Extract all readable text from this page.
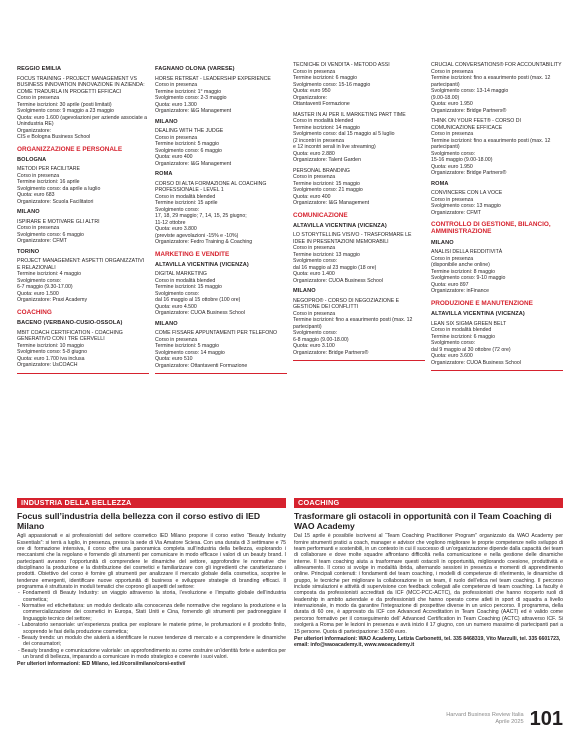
REGGIO EMILIA
FOCUS TRAINING - PROJECT MANAGEMENT VS BUSINESS INNOVATION INNOVAZIONE IN AZIENDA: COME TRADURLA IN PROGETTI EFFICACI
Corso in presenza
Termine iscrizioni: 30 aprile (posti limitati)
Svolgimento corso: 9 maggio a 23 maggio
Quota: euro 1.600 (agevolazioni per aziende associate a Unindustria RE)
Organizzatore:
CIS e Bologna Business School
ORGANIZZAZIONE E PERSONALE
BOLOGNA
METODI PER FACILITARE
Corso in presenza
Termine iscrizioni: 16 aprile
Svolgimento corso: da aprile a luglio
Quota: euro 683
Organizzatore: Scuola Facilitatori
MILANO
ISPIRARE E MOTIVARE GLI ALTRI
Corso in presenza
Svolgimento corso: 6 maggio
Organizzatore: CFMT
TORINO
PROJECT MANAGEMENT: ASPETTI ORGANIZZATIVI E RELAZIONALI
Termine iscrizioni: 4 maggio
Svolgimento corso:
6-7 maggio (9.30-17.00)
Quota: euro 1.500
Organizzatore: Praxi Academy
COACHING
BACENO (VERBANO-CUSIO-OSSOLA)
MBIT COACH CERTIFICATION - COACHING GENERATIVO CON I TRE CERVELLI
Termine iscrizioni: 10 maggio
Svolgimento corso: 5-8 giugno
Quota: euro 1.700 iva inclusa
Organizzatore: UsCOACH
FAGNANO OLONA (VARESE)
HORSE RETREAT - LEADERSHIP EXPERIENCE
Corso in presenza
Termine iscrizioni: 1° maggio
Svolgimento corso: 2-3 maggio
Quota: euro 1.300
Organizzatore: I&G Management
MILANO
DEALING WITH THE JUDGE
Corso in presenza
Termine iscrizioni: 5 maggio
Svolgimento corso: 6 maggio
Quota: euro 400
Organizzatore: I&G Management
ROMA
CORSO DI ALTA FORMAZIONE AL COACHING PROFESSIONALE - LEVEL 1
Corso in modalità blended
Termine iscrizioni: 15 aprile
Svolgimento corso:
17, 18, 29 maggio; 7, 14, 15, 25 giugno;
11-12 ottobre
Quota: euro 3.800
(previste agevolazioni -15% e -10%)
Organizzatore: Fedro Training & Coaching
MARKETING E VENDITE
ALTAVILLA VICENTINA (VICENZA)
DIGITAL MARKETING
Corso in modalità blended
Termine iscrizioni: 15 maggio
Svolgimento corso:
dal 16 maggio al 15 ottobre (100 ore)
Quota: euro 4.500
Organizzatore: CUOA Business School
MILANO
COME FISSARE APPUNTAMENTI PER TELEFONO
Corso in presenza
Termine iscrizioni: 5 maggio
Svolgimento corso: 14 maggio
Quota: euro 510
Organizzatore: Ottantaventi Formazione
TECNICHE DI VENDITA - METODO ASSI
Corso in presenza
Termine iscrizioni: 6 maggio
Svolgimento corso: 15-16 maggio
Quota: euro 950
Organizzatore:
Ottantaventi Formazione
MASTER IN AI PER IL MARKETING PART TIME
Corso in modalità blended
Termine iscrizioni: 14 maggio
Svolgimento corso: dal 15 maggio al 5 luglio
(2 incontri in presenza
e 12 incontri serali in live streaming)
Quota: euro 2.880
Organizzatore: Talent Garden
PERSONAL BRANDING
Corso in presenza
Termine iscrizioni: 15 maggio
Svolgimento corso: 21 maggio
Quota: euro 400
Organizzatore: I&G Management
COMUNICAZIONE
ALTAVILLA VICENTINA (VICENZA)
LO STORYTELLING VISIVO - TRASFORMARE LE IDEE IN PRESENTAZIONI MEMORABILI
Corso in presenza
Termine iscrizioni: 13 maggio
Svolgimento corso:
dal 16 maggio al 23 maggio (18 ore)
Quota: euro 1.400
Organizzatore: CUOA Business School
MILANO
NEGOPRO® - CORSO DI NEGOZIAZIONE E GESTIONE DEI CONFLITTI
Corso in presenza
Termine iscrizioni: fino a esaurimento posti (max. 12 partecipanti)
Svolgimento corso:
6-8 maggio (9.00-18.00)
Quota: euro 3.100
Organizzatore: Bridge Partners®
CRUCIAL CONVERSATIONS® FOR ACCOUNTABILITY
Corso in presenza
Termine iscrizioni: fino a esaurimento posti (max. 12 partecipanti)
Svolgimento corso: 13-14 maggio
(9.00-18.00)
Quota: euro 1.950
Organizzatore: Bridge Partners®
THINK ON YOUR FEET® - CORSO DI COMUNICAZIONE EFFICACE
Corso in presenza
Termine iscrizioni: fino a esaurimento posti (max. 12 partecipanti)
Svolgimento corso:
15-16 maggio (9.00-18.00)
Quota: euro 1.950
Organizzatore: Bridge Partners®
ROMA
CONVINCERE CON LA VOCE
Corso in presenza
Svolgimento corso: 13 maggio
Organizzatore: CFMT
CONTROLLO DI GESTIONE, BILANCIO, AMMINISTRAZIONE
MILANO
ANALISI DELLA REDDITIVITÀ
Corso in presenza
(disponibile anche online)
Termine iscrizioni: 8 maggio
Svolgimento corso: 9-10 maggio
Quota: euro 897
Organizzatore: inFinance
PRODUZIONE E MANUTENZIONE
ALTAVILLA VICENTINA (VICENZA)
LEAN SIX SIGMA GREEN BELT
Corso in modalità blended
Termine iscrizioni: 6 maggio
Svolgimento corso:
dal 9 maggio al 30 ottobre (72 ore)
Quota: euro 3.600
Organizzatore: CUOA Business School
INDUSTRIA DELLA BELLEZZA
Focus sull’industria della bellezza con il corso estivo di IED Milano

Agli appassionati e ai professionisti del settore cosmetico IED Milano propone il corso estivo “Beauty Industry Essentials”: si terrà a luglio, in presenza, presso la sede di Via Amatore Sciesa. Con una durata di 3 settimane e 75 ore di formazione intensiva, il corso offre una panoramica completa sull’industria della bellezza, esplorando i meccanismi che la regolano e fornendo gli strumenti per comunicare in modo efficace i valori di un beauty brand. I partecipanti avranno l’opportunità di comprendere le dinamiche del settore, approfondire le normative che disciplinano la produzione e la distribuzione dei cosmetici e familiarizzare con gli ingredienti che caratterizzano i prodotti. Obiettivo del corso è fornire gli strumenti per analizzare il mercato globale della cosmetica, scoprire le tendenze emergenti, identificare nuove opportunità di business e sviluppare strategie di branding efficaci. Il programma è strutturato in moduli tematici che coprono gli aspetti del settore:

- Fondamenti di Beauty Industry: un viaggio attraverso la storia, l’evoluzione e l’impatto globale dell’industria cosmetica;
- Normative ed etichettatura: un modulo dedicato alla conoscenza delle normative che regolano la produzione e la commercializzazione dei cosmetici in Europa, Stati Uniti e Cina, fornendo gli strumenti per padroneggiare il linguaggio tecnico del settore;
- Laboratorio sensoriale: un’esperienza pratica per esplorare le materie prime, le profumazioni e il prodotto finito, scoprendo le fasi della produzione cosmetica;
- Beauty trends: un modulo che aiuterà a identificare le nuove tendenze di mercato e a comprendere le dinamiche dei consumatori;
- Beauty branding e comunicazione valoriale: un approfondimento su come costruire un’identità forte e autentica per un brand di bellezza, imparando a comunicare in modo strategico e coerente i suoi valori.
Per ulteriori informazioni: IED Milano, ied.it/corsi/milano/corsi-estivi/
COACHING
Trasformare gli ostacoli in opportunità con il Team Coaching di WAO Academy

Dal 15 aprile è possibile iscriversi al “Team Coaching Practitioner Program” organizzato da WAO Academy per fornire strumenti pratici a coach, manager e advisor che vogliono migliorare le proprie competenze nello sviluppo di team performanti e sostenibili, in un contesto in cui il successo di un’organizzazione dipende dalla capacità dei team di collaborare e dove molte squadre affrontano difficoltà nella comunicazione e nella gestione delle dinamiche interne. Il team coaching aiuta a trasformare questi ostacoli in opportunità, migliorando coesione, produttività e allineamento. Il corso si svolge in modalità ibrida, alternando sessioni in presenza e momenti di apprendimento online. Principali contenuti: i fondamenti del team coaching, i modelli di competenze di riferimento, le dinamiche di gruppo, le tecniche per migliorare la collaborazione in un team, il ruolo dell’etica nel team coaching. Il percorso include simulazioni e attività di supervisione con feedback collegati alle competenze di team coaching. La faculty è composta da professionisti accreditati da ICF (MCC-PCC-ACTC), da professionisti che hanno ricoperto ruoli di leadership in ambito aziendale e da professionisti che hanno operato come atleti in sport di squadra a livello internazionale, in modo da garantire l’integrazione di prospettive diverse in un unico percorso. Il programma, della durata di 60 ore, è approvato da ICF con Advanced Accreditation in Team Coaching (AACT) ed è valido come percorso formativo per il conseguimento dell’ Advanced Certification in Team Coaching (ACTC) attraverso ICF. Si svolgerà a Roma per le lezioni in presenza e avrà inizio il 17 giugno, con un numero massimo di partecipanti pari a 15 persone. Quota di partecipazione: 3.500 euro.

Per ulteriori informazioni: WAO Academy, Letizia Carbonetti, tel. 335 8468319, Vito Marzulli, tel. 335 6601723, email: info@waoacademy.it, www.waoacademy.it
Harvard Business Review Italia
Aprile 2025 101
